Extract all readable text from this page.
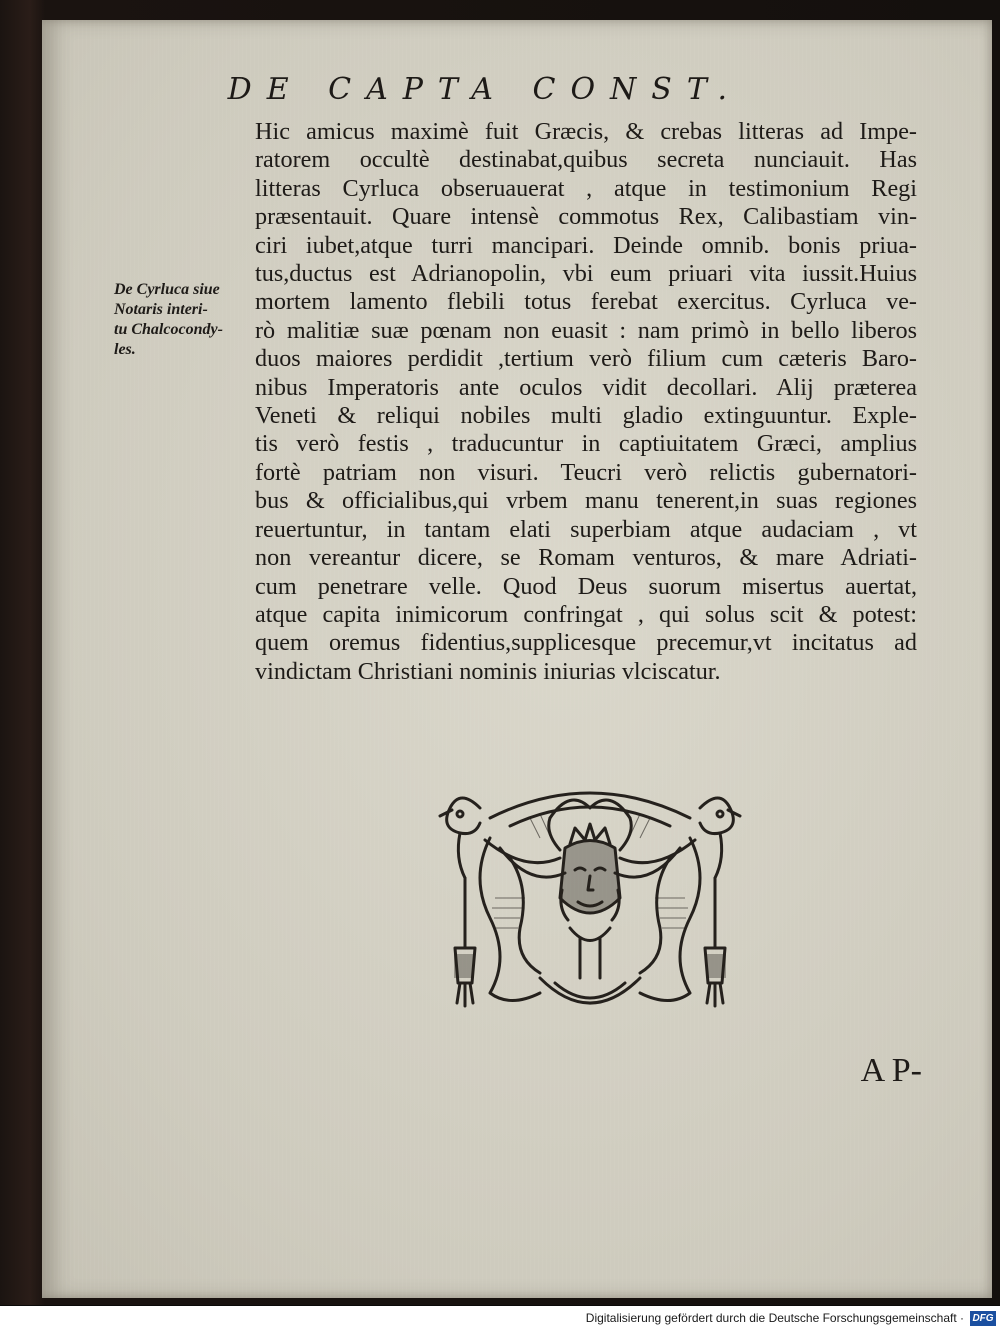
DE CAPTA CONST.
De Cyrluca siue
Notaris interi-
tu Chalcocondy-
les.
Hic amicus maximè fuit Græcis, & crebas litteras ad Impe-
ratorem occultè destinabat,quibus secreta nunciauit. Has
litteras Cyrluca obseruauerat , atque in testimonium Regi
præsentauit. Quare intensè commotus Rex, Calibastiam vin-
ciri iubet,atque turri mancipari. Deinde omnib. bonis priua-
tus,ductus est Adrianopolin, vbi eum priuari vita iussit.Huius
mortem lamento flebili totus ferebat exercitus. Cyrluca ve-
rò malitiæ suæ pœnam non euasit : nam primò in bello liberos
duos maiores perdidit ,tertium verò filium cum cæteris Baro-
nibus Imperatoris ante oculos vidit decollari. Alij præterea
Veneti & reliqui nobiles multi gladio extinguuntur. Exple-
tis verò festis , traducuntur in captiuitatem Græci, amplius
fortè patriam non visuri. Teucri verò relictis gubernatori-
bus & officialibus,qui vrbem manu tenerent,in suas regiones
reuertuntur, in tantam elati superbiam atque audaciam , vt
non vereantur dicere, se Romam venturos, & mare Adriati-
cum penetrare velle. Quod Deus suorum misertus auertat,
atque capita inimicorum confringat , qui solus scit & potest:
quem oremus fidentius,supplicesque precemur,vt incitatus ad
vindictam Christiani nominis iniurias vlciscatur.
A P-
Digitalisierung gefördert durch die Deutsche Forschungsgemeinschaft · DFG
